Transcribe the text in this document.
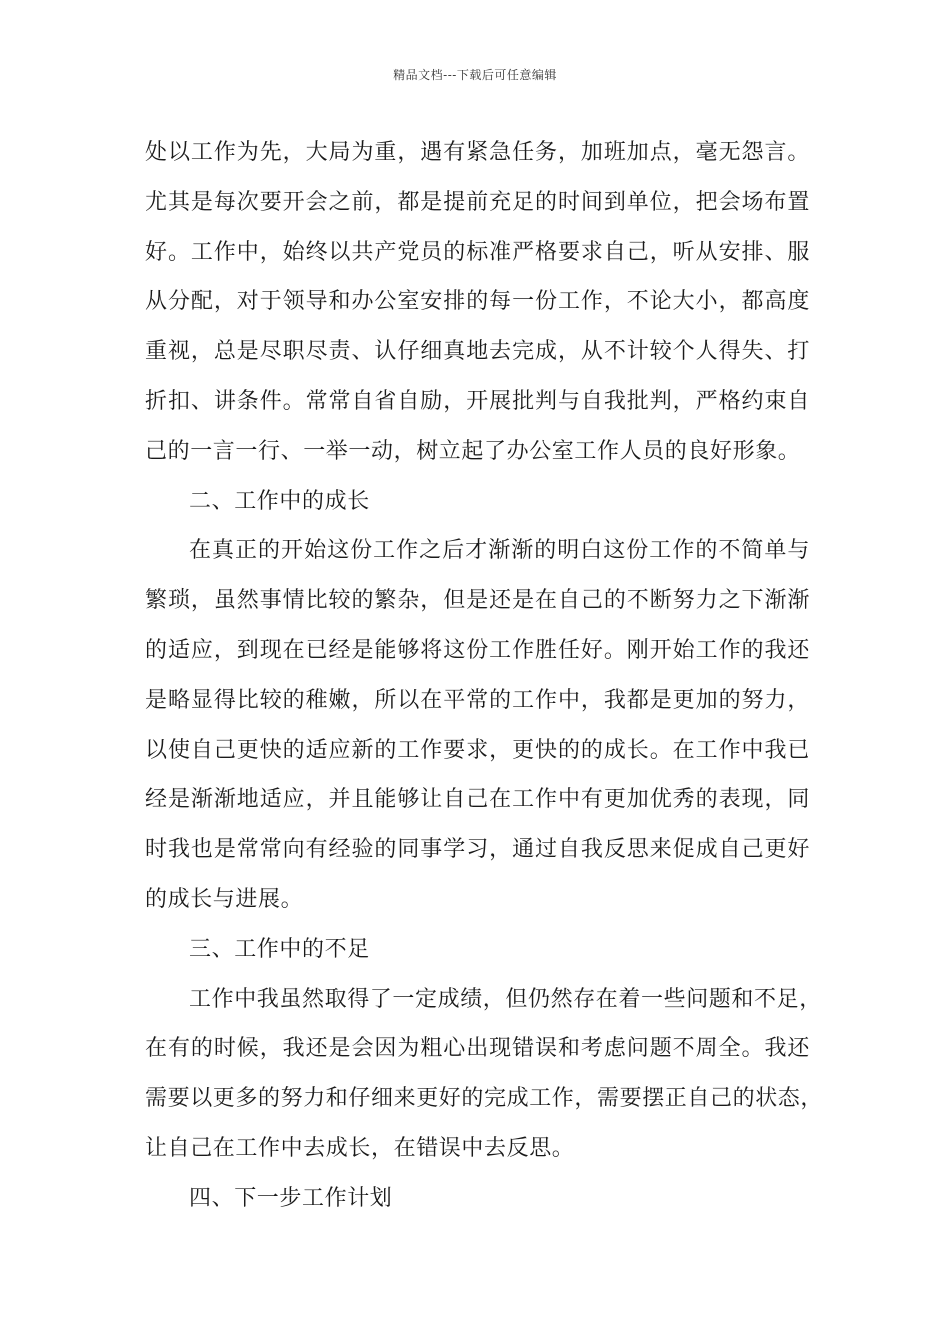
精品文档---下载后可任意编辑
处以工作为先，大局为重，遇有紧急任务，加班加点，毫无怨言。
尤其是每次要开会之前，都是提前充足的时间到单位，把会场布置
好。工作中，始终以共产党员的标准严格要求自己，听从安排、服
从分配，对于领导和办公室安排的每一份工作，不论大小，都高度
重视，总是尽职尽责、认仔细真地去完成，从不计较个人得失、打
折扣、讲条件。常常自省自励，开展批判与自我批判，严格约束自
己的一言一行、一举一动，树立起了办公室工作人员的良好形象。
二、工作中的成长
在真正的开始这份工作之后才渐渐的明白这份工作的不简单与
繁琐，虽然事情比较的繁杂，但是还是在自己的不断努力之下渐渐
的适应，到现在已经是能够将这份工作胜任好。刚开始工作的我还
是略显得比较的稚嫩，所以在平常的工作中，我都是更加的努力，
以使自己更快的适应新的工作要求，更快的的成长。在工作中我已
经是渐渐地适应，并且能够让自己在工作中有更加优秀的表现，同
时我也是常常向有经验的同事学习，通过自我反思来促成自己更好
的成长与进展。
三、工作中的不足
工作中我虽然取得了一定成绩，但仍然存在着一些问题和不足，
在有的时候，我还是会因为粗心出现错误和考虑问题不周全。我还
需要以更多的努力和仔细来更好的完成工作，需要摆正自己的状态，
让自己在工作中去成长，在错误中去反思。
四、下一步工作计划
